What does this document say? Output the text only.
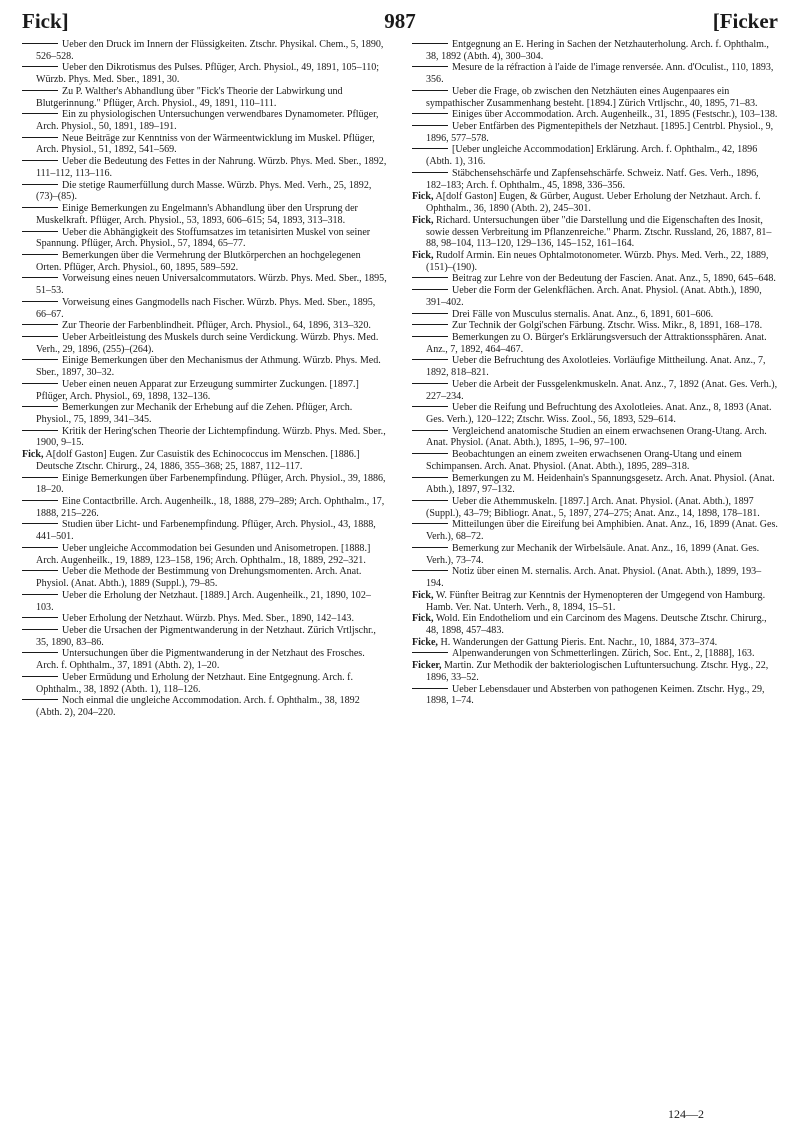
Fick]	987	[Ficker
Ueber den Druck im Innern der Flüssigkeiten. Ztschr. Physikal. Chem., 5, 1890, 526–528.
Ueber den Dikrotismus des Pulses. Pflüger, Arch. Physiol., 49, 1891, 105–110; Würzb. Phys. Med. Sber., 1891, 30.
Zu P. Walther's Abhandlung über "Fick's Theorie der Labwirkung und Blutgerinnung." Pflüger, Arch. Physiol., 49, 1891, 110–111.
Ein zu physiologischen Untersuchungen verwendbares Dynamometer. Pflüger, Arch. Physiol., 50, 1891, 189–191.
Neue Beiträge zur Kenntniss von der Wärmeentwicklung im Muskel. Pflüger, Arch. Physiol., 51, 1892, 541–569.
Ueber die Bedeutung des Fettes in der Nahrung. Würzb. Phys. Med. Sber., 1892, 111–112, 113–116.
Die stetige Raumerfüllung durch Masse. Würzb. Phys. Med. Verh., 25, 1892, (73)–(85).
Einige Bemerkungen zu Engelmann's Abhandlung über den Ursprung der Muskelkraft. Pflüger, Arch. Physiol., 53, 1893, 606–615; 54, 1893, 313–318.
Ueber die Abhängigkeit des Stoffumsatzes im tetanisirten Muskel von seiner Spannung. Pflüger, Arch. Physiol., 57, 1894, 65–77.
Bemerkungen über die Vermehrung der Blutkörperchen an hochgelegenen Orten. Pflüger, Arch. Physiol., 60, 1895, 589–592.
Vorweisung eines neuen Universalcommutators. Würzb. Phys. Med. Sber., 1895, 51–53.
Vorweisung eines Gangmodells nach Fischer. Würzb. Phys. Med. Sber., 1895, 66–67.
Zur Theorie der Farbenblindheit. Pflüger, Arch. Physiol., 64, 1896, 313–320.
Ueber Arbeitleistung des Muskels durch seine Verdickung. Würzb. Phys. Med. Verh., 29, 1896, (255)–(264).
Einige Bemerkungen über den Mechanismus der Athmung. Würzb. Phys. Med. Sber., 1897, 30–32.
Ueber einen neuen Apparat zur Erzeugung summirter Zuckungen. [1897.] Pflüger, Arch. Physiol., 69, 1898, 132–136.
Bemerkungen zur Mechanik der Erhebung auf die Zehen. Pflüger, Arch. Physiol., 75, 1899, 341–345.
Kritik der Hering'schen Theorie der Lichtempfindung. Würzb. Phys. Med. Sber., 1900, 9–15.
Fick, A[dolf Gaston] Eugen. Zur Casuistik des Echinococcus im Menschen. [1886.] Deutsche Ztschr. Chirurg., 24, 1886, 355–368; 25, 1887, 112–117.
Einige Bemerkungen über Farbenempfindung. Pflüger, Arch. Physiol., 39, 1886, 18–20.
Eine Contactbrille. Arch. Augenheilk., 18, 1888, 279–289; Arch. Ophthalm., 17, 1888, 215–226.
Studien über Licht- und Farbenempfindung. Pflüger, Arch. Physiol., 43, 1888, 441–501.
Ueber ungleiche Accommodation bei Gesunden und Anisometropen. [1888.] Arch. Augenheilk., 19, 1889, 123–158, 196; Arch. Ophthalm., 18, 1889, 292–321.
Ueber die Methode der Bestimmung von Drehungsmomenten. Arch. Anat. Physiol. (Anat. Abth.), 1889 (Suppl.), 79–85.
Ueber die Erholung der Netzhaut. [1889.] Arch. Augenheilk., 21, 1890, 102–103.
Ueber Erholung der Netzhaut. Würzb. Phys. Med. Sber., 1890, 142–143.
Ueber die Ursachen der Pigmentwanderung in der Netzhaut. Zürich Vrtljschr., 35, 1890, 83–86.
Untersuchungen über die Pigmentwanderung in der Netzhaut des Frosches. Arch. f. Ophthalm., 37, 1891 (Abth. 2), 1–20.
Ueber Ermüdung und Erholung der Netzhaut. Eine Entgegnung. Arch. f. Ophthalm., 38, 1892 (Abth. 1), 118–126.
Noch einmal die ungleiche Accommodation. Arch. f. Ophthalm., 38, 1892 (Abth. 2), 204–220.
Entgegnung an E. Hering in Sachen der Netzhauterholung. Arch. f. Ophthalm., 38, 1892 (Abth. 4), 300–304.
Mesure de la réfraction à l'aide de l'image renversée. Ann. d'Oculist., 110, 1893, 356.
Ueber die Frage, ob zwischen den Netzhäuten eines Augenpaares ein sympathischer Zusammenhang besteht. [1894.] Zürich Vrtljschr., 40, 1895, 71–83.
Einiges über Accommodation. Arch. Augenheilk., 31, 1895 (Festschr.), 103–138.
Ueber Entfärben des Pigmentepithels der Netzhaut. [1895.] Centrbl. Physiol., 9, 1896, 577–578.
[Ueber ungleiche Accommodation] Erklärung. Arch. f. Ophthalm., 42, 1896 (Abth. 1), 316.
Stäbchensehschärfe und Zapfensehschärfe. Schweiz. Natf. Ges. Verh., 1896, 182–183; Arch. f. Ophthalm., 45, 1898, 336–356.
Fick, A[dolf Gaston] Eugen, & Gürber, August. Ueber Erholung der Netzhaut. Arch. f. Ophthalm., 36, 1890 (Abth. 2), 245–301.
Fick, Richard. Untersuchungen über "die Darstellung und die Eigenschaften des Inosit, sowie dessen Verbreitung im Pflanzenreiche." Pharm. Ztschr. Russland, 26, 1887, 81–88, 98–104, 113–120, 129–136, 145–152, 161–164.
Fick, Rudolf Armin. Ein neues Ophtalmotonometer. Würzb. Phys. Med. Verh., 22, 1889, (151)–(190).
Beitrag zur Lehre von der Bedeutung der Fascien. Anat. Anz., 5, 1890, 645–648.
Ueber die Form der Gelenkflächen. Arch. Anat. Physiol. (Anat. Abth.), 1890, 391–402.
Drei Fälle von Musculus sternalis. Anat. Anz., 6, 1891, 601–606.
Zur Technik der Golgi'schen Färbung. Ztschr. Wiss. Mikr., 8, 1891, 168–178.
Bemerkungen zu O. Bürger's Erklärungsversuch der Attraktionssphären. Anat. Anz., 7, 1892, 464–467.
Ueber die Befruchtung des Axolotleies. Vorläufige Mittheilung. Anat. Anz., 7, 1892, 818–821.
Ueber die Arbeit der Fussgelenkmuskeln. Anat. Anz., 7, 1892 (Anat. Ges. Verh.), 227–234.
Ueber die Reifung und Befruchtung des Axolotleies. Anat. Anz., 8, 1893 (Anat. Ges. Verh.), 120–122; Ztschr. Wiss. Zool., 56, 1893, 529–614.
Vergleichend anatomische Studien an einem erwachsenen Orang-Utang. Arch. Anat. Physiol. (Anat. Abth.), 1895, 1–96, 97–100.
Beobachtungen an einem zweiten erwachsenen Orang-Utang und einem Schimpansen. Arch. Anat. Physiol. (Anat. Abth.), 1895, 289–318.
Bemerkungen zu M. Heidenhain's Spannungsgesetz. Arch. Anat. Physiol. (Anat. Abth.), 1897, 97–132.
Ueber die Athemmuskeln. [1897.] Arch. Anat. Physiol. (Anat. Abth.), 1897 (Suppl.), 43–79; Bibliogr. Anat., 5, 1897, 274–275; Anat. Anz., 14, 1898, 178–181.
Mitteilungen über die Eireifung bei Amphibien. Anat. Anz., 16, 1899 (Anat. Ges. Verh.), 68–72.
Bemerkung zur Mechanik der Wirbelsäule. Anat. Anz., 16, 1899 (Anat. Ges. Verh.), 73–74.
Notiz über einen M. sternalis. Arch. Anat. Physiol. (Anat. Abth.), 1899, 193–194.
Fick, W. Fünfter Beitrag zur Kenntnis der Hymenopteren der Umgegend von Hamburg. Hamb. Ver. Nat. Unterh. Verh., 8, 1894, 15–51.
Fick, Wold. Ein Endotheliom und ein Carcinom des Magens. Deutsche Ztschr. Chirurg., 48, 1898, 457–483.
Ficke, H. Wanderungen der Gattung Pieris. Ent. Nachr., 10, 1884, 373–374.
Alpenwanderungen von Schmetterlingen. Zürich, Soc. Ent., 2, [1888], 163.
Ficker, Martin. Zur Methodik der bakteriologischen Luftuntersuchung. Ztschr. Hyg., 22, 1896, 33–52.
Ueber Lebensdauer und Absterben von pathogenen Keimen. Ztschr. Hyg., 29, 1898, 1–74.
124—2
